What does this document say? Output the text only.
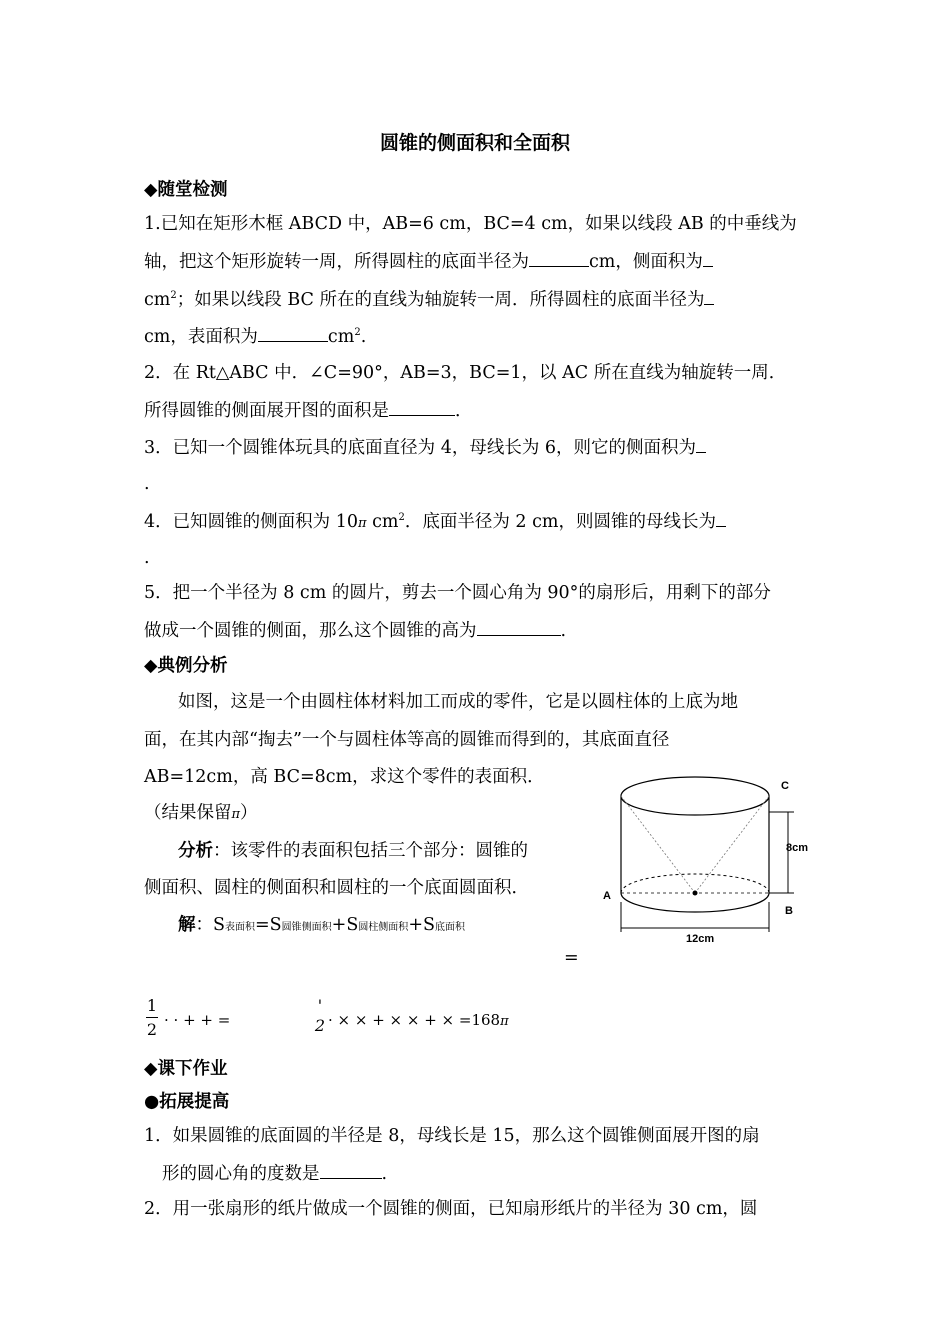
圆锥的侧面积和全面积
◆随堂检测
1.已知在矩形木框 ABCD 中，AB=6 cm，BC=4 cm，如果以线段 AB 的中垂线为
轴，把这个矩形旋转一周，所得圆柱的底面半径为	cm，侧面积为
$cm^2$；如果以线段 BC 所在的直线为轴旋转一周．所得圆柱的底面半径为
cm，表面积为	$cm^2$.
2．在 Rt△ABC 中．∠C=90°，AB=3，BC=1，以 AC 所在直线为轴旋转一周．
所得圆锥的侧面展开图的面积是	．
3．已知一个圆锥体玩具的底面直径为 4，母线长为 6，则它的侧面积为
.
4．已知圆锥的侧面积为 10π $cm^2$．底面半径为 2 cm，则圆锥的母线长为
.
5．把一个半径为 8 cm 的圆片，剪去一个圆心角为 90°的扇形后，用剩下的部分
做成一个圆锥的侧面，那么这个圆锥的高为	.
◆典例分析
如图，这是一个由圆柱体材料加工而成的零件，它是以圆柱体的上底为地
面，在其内部“掏去”一个与圆柱体等高的圆锥而得到的，其底面直径
AB=12cm，高 BC=8cm，求这个零件的表面积．
（结果保留π）
分析：该零件的表面积包括三个部分：圆锥的
侧面积、圆柱的侧面积和圆柱的一个底面圆面积．
解：S表面积=S圆锥侧面积+S圆柱侧面积+S底面积
=
1
2 · · + + =
'
2 · × × + × × + × =168π
C
8cm
A
B
12cm
◆课下作业
●拓展提高
1．如果圆锥的底面圆的半径是 8，母线长是 15，那么这个圆锥侧面展开图的扇
形的圆心角的度数是	.
2．用一张扇形的纸片做成一个圆锥的侧面，已知扇形纸片的半径为 30 cm，圆
